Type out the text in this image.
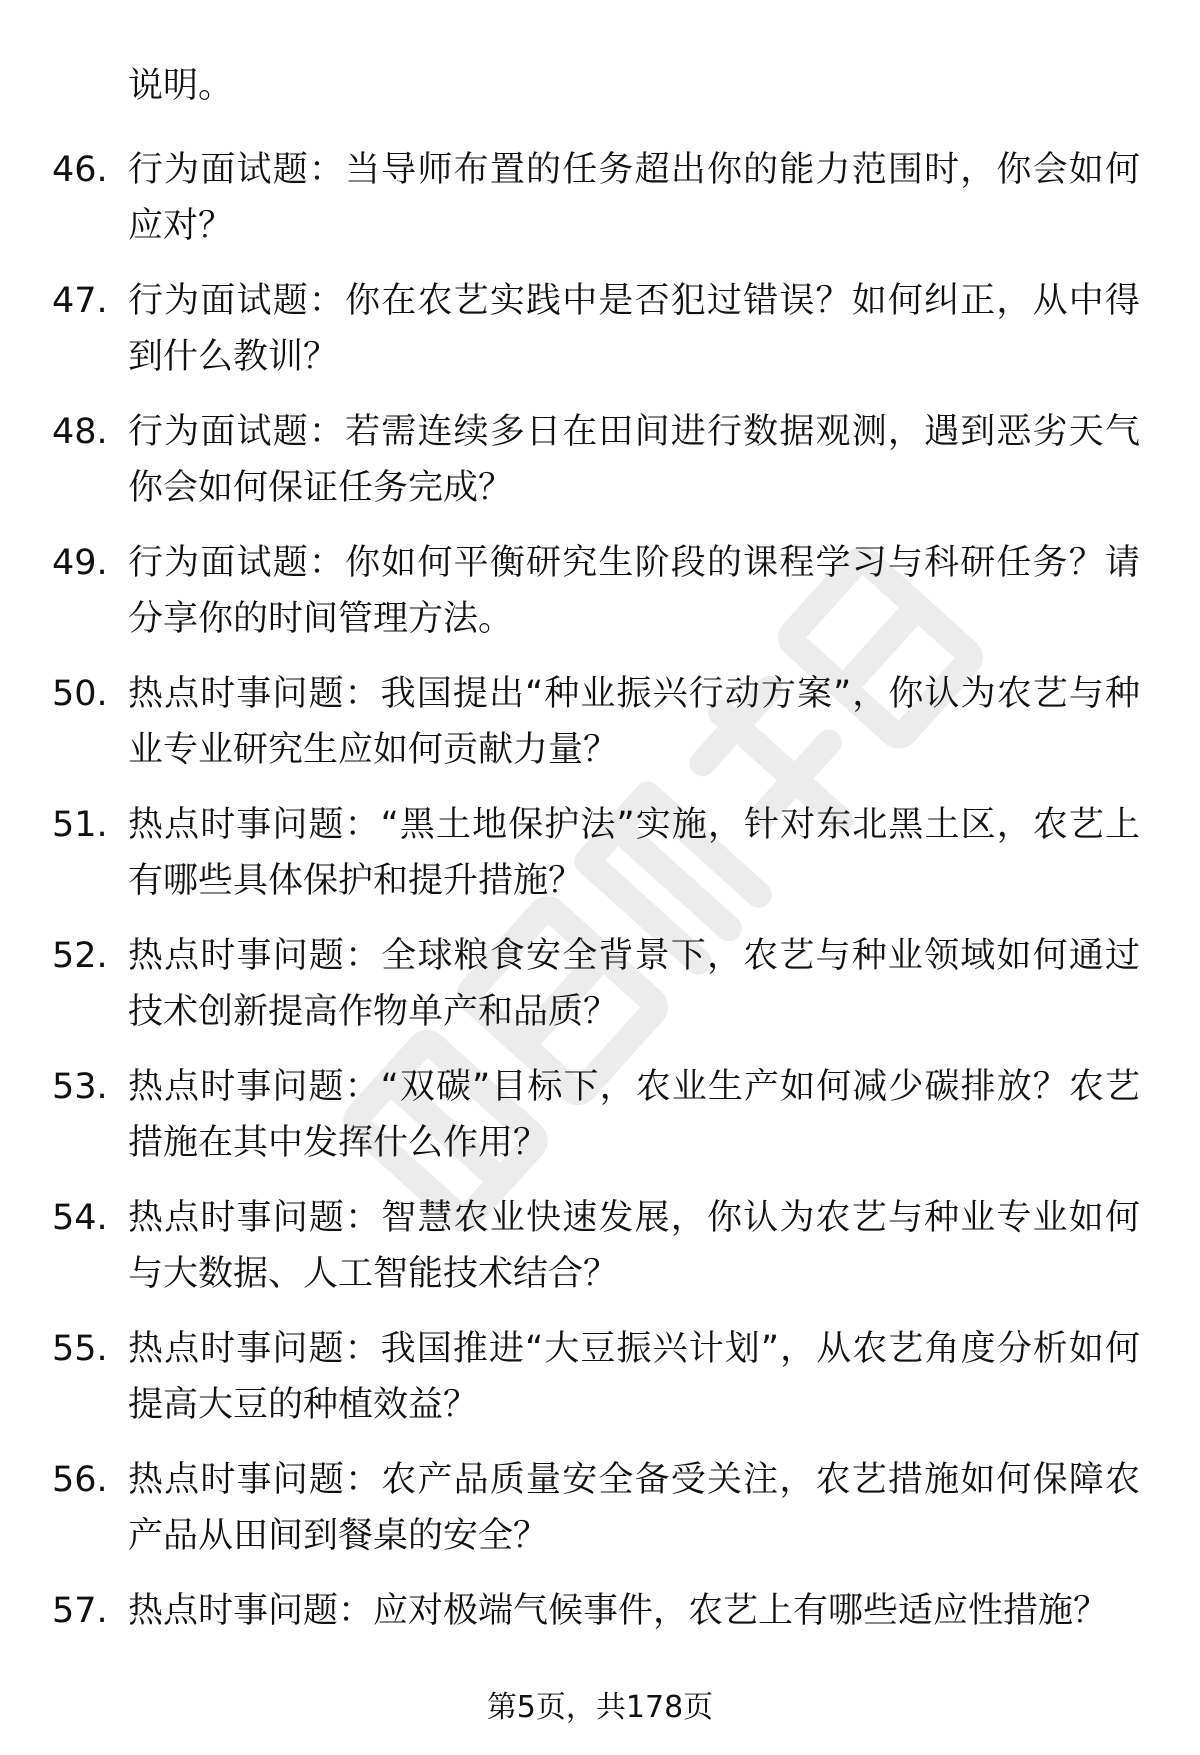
说明。
46. 行为面试题：当导师布置的任务超出你的能力范围时，你会如何应对？
47. 行为面试题：你在农艺实践中是否犯过错误？如何纠正，从中得到什么教训？
48. 行为面试题：若需连续多日在田间进行数据观测，遇到恶劣天气你会如何保证任务完成？
49. 行为面试题：你如何平衡研究生阶段的课程学习与科研任务？请分享你的时间管理方法。
50. 热点时事问题：我国提出“种业振兴行动方案”，你认为农艺与种业专业研究生应如何贡献力量？
51. 热点时事问题：“黑土地保护法”实施，针对东北黑土区，农艺上有哪些具体保护和提升措施？
52. 热点时事问题：全球粮食安全背景下，农艺与种业领域如何通过技术创新提高作物单产和品质？
53. 热点时事问题：“双碳”目标下，农业生产如何减少碳排放？农艺措施在其中发挥什么作用？
54. 热点时事问题：智慧农业快速发展，你认为农艺与种业专业如何与大数据、人工智能技术结合？
55. 热点时事问题：我国推进“大豆振兴计划”，从农艺角度分析如何提高大豆的种植效益？
56. 热点时事问题：农产品质量安全备受关注，农艺措施如何保障农产品从田间到餐桌的安全？
57. 热点时事问题：应对极端气候事件，农艺上有哪些适应性措施？
第5页，共178页
